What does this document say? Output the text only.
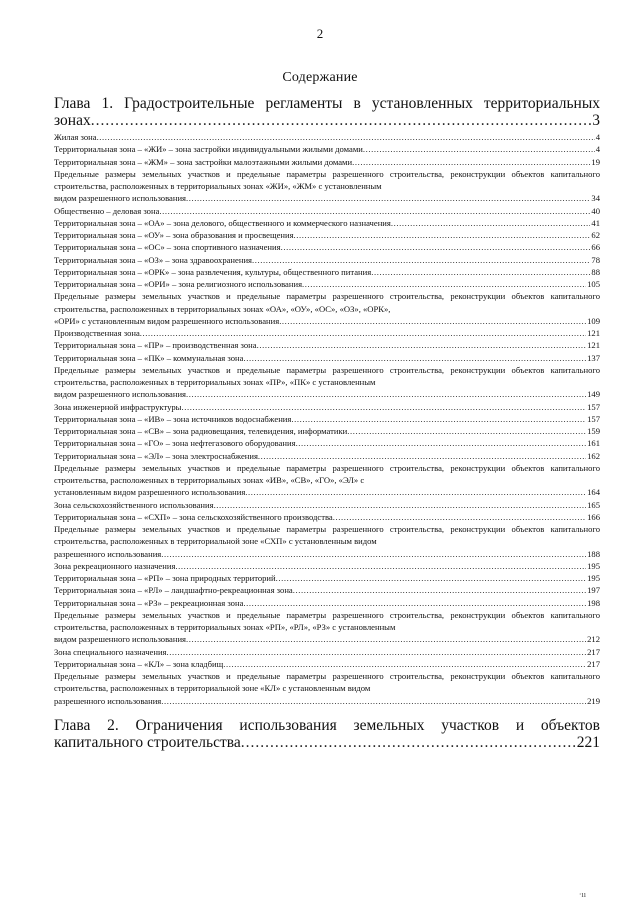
2
Содержание
Глава 1. Градостроительные регламенты в установленных территориальных
зонах .....	3
Жилая зона .....	4
Территориальная зона – «ЖИ» – зона застройки индивидуальными жилыми домами .....	4
Территориальная зона – «ЖМ» – зона застройки малоэтажными жилыми домами .....	19
Предельные размеры земельных участков и предельные параметры разрешенного строительства, реконструкции объектов капитального строительства, расположенных в территориальных зонах «ЖИ», «ЖМ» с установленным
видом разрешенного использования .....	34
Общественно – деловая зона .....	40
Территориальная зона – «ОА» – зона делового, общественного и коммерческого назначения .....	41
Территориальная зона – «ОУ» – зона образования и просвещения .....	62
Территориальная зона – «ОС» – зона спортивного назначения .....	66
Территориальная зона – «ОЗ» – зона здравоохранения .....	78
Территориальная зона – «ОРК» – зона развлечения, культуры, общественного питания .....	88
Территориальная зона – «ОРИ» – зона религиозного использования .....	105
Предельные размеры земельных участков и предельные параметры разрешенного строительства, реконструкции объектов капитального строительства, расположенных в территориальных зонах «ОА», «ОУ», «ОС», «ОЗ», «ОРК»,
«ОРИ» с установленным видом разрешенного использования .....	109
Производственная зона .....	121
Территориальная зона – «ПР» – производственная зона .....	121
Территориальная зона – «ПК» – коммунальная зона .....	137
Предельные размеры земельных участков и предельные параметры разрешенного строительства, реконструкции объектов капитального строительства, расположенных в территориальных зонах «ПР», «ПК» с установленным
видом разрешенного использования .....	149
Зона инженерной инфраструктуры .....	157
Территориальная зона – «ИВ» – зона источников водоснабжения .....	157
Территориальная зона – «СВ» – зона радиовещания, телевидения, информатики .....	159
Территориальная зона – «ГО» – зона нефтегазового оборудования .....	161
Территориальная зона – «ЭЛ» – зона электроснабжения .....	162
Предельные размеры земельных участков и предельные параметры разрешенного строительства, реконструкции объектов капитального строительства, расположенных в территориальных зонах «ИВ», «СВ», «ГО», «ЭЛ» с
установленным видом разрешенного использования .....	164
Зона сельскохозяйственного использования .....	165
Территориальная зона – «СХП» – зона сельскохозяйственного производства .....	166
Предельные размеры земельных участков и предельные параметры разрешенного строительства, реконструкции объектов капитального строительства, расположенных в территориальной зоне «СХП» с установленным видом
разрешенного использования .....	188
Зона рекреационного назначения .....	195
Территориальная зона – «РП» – зона природных территорий .....	195
Территориальная зона – «РЛ» – ландшафтно-рекреационная зона .....	197
Территориальная зона – «РЗ» – рекреационная зона .....	198
Предельные размеры земельных участков и предельные параметры разрешенного строительства, реконструкции объектов капитального строительства, расположенных в территориальных зонах «РП», «РЛ», «РЗ» с установленным
видом разрешенного использования .....	212
Зона специального назначения .....	217
Территориальная зона – «КЛ» – зона кладбищ .....	217
Предельные размеры земельных участков и предельные параметры разрешенного строительства, реконструкции объектов капитального строительства, расположенных в территориальной зоне «КЛ» с установленным видом
разрешенного использования .....	219
Глава 2. Ограничения использования земельных участков и объектов
капитального строительства .....	221
·ıı
